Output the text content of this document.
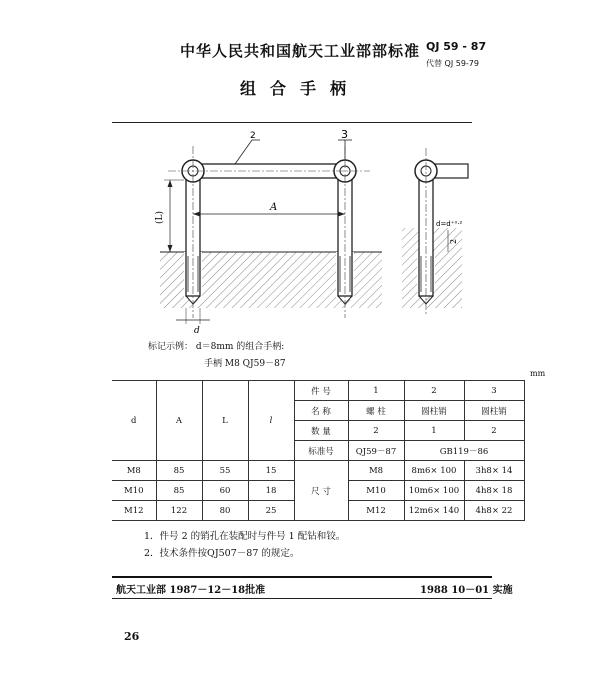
中华人民共和国航天工业部部标准 QJ 59 - 87
代替 QJ 59-79
组合手柄
2	3
A
(L)
d
d=d⁺⁰·²
2
标记示例： d＝8mm 的组合手柄:
手柄 M8 QJ59－87
mm
d	A	L	l	件 号	1	2	3
				名 称	螺 柱	圆柱销	圆柱销
				数 量	2	1	2
				标准号	QJ59－87	GB119－86	
M8	85	55	15	尺 寸	M8	8m6× 100	3h8× 14
M10	85	60	18		M10	10m6× 100	4h8× 18
M12	122	80	25		M12	12m6× 140	4h8× 22
1．件号 2 的销孔在装配时与件号 1 配钻和铰。
2．技术条件按QJ507－87 的规定。
航天工业部 1987－12－18批准	1988 10－01 实施
26
